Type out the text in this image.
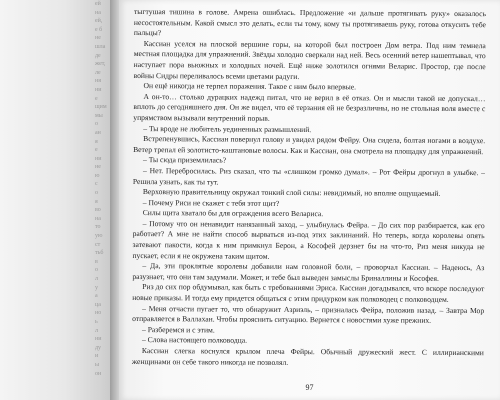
ей
на
ей,
е б
не
шла
де
жет,
ле
ня
ни
е
щим
мы
о
ан
я
е
ни
не
ю
с
о
я
во
на
то
ую
ст
тьб
в
о
л
у
а
ца
но
ь
л
ни
ду
и
ы
он

тыгтушая тишина в голове. Амрена ошиблась. Предложение «и дальше протягивать руку» оказалось несостоятельным. Какой смысл это делать, если ты тому, кому ты протягиваешь руку, готова откусить тебе пальцы?

Кассиан уселся на плоской вершине горы, на которой был построен Дом ветра. Под ним темнела местная площадка для упражнений. Звёзды холодно сверкали над ней. Весь осенний ветер нашептывал, что наступает пора вьюжных и холодных ночей. Ещё ниже золотился огнями Веларис. Простор, где после войны Сидры переливалось всеми цветами радуги.

Он ещё никогда не терпел поражения. Такое с ним было впервые.

А он-то… столько дурацких надежд питал, что не верил в её отказ. Он и мысли такой не допускал… вплоть до сегодняшнего дня. Он же видел, что её терзания ей не безразличны, но не стольная воля вместе с упрямством вызывали внутренний порыв.

– Ты вроде не любитель уединенных размышлений.

Встрепенувшись, Кассиан повернул голову и увидел рядом Фейру. Она сидела, болтая ногами в воздухе. Ветер трепал ей золотисто-каштановые волосы. Как и Кассиан, она смотрела на площадку для упражнений.

– Ты сюда приземлилась?

– Нет. Переброcилась. Риз сказал, что ты «слишком громко думал». – Рот Фейры дрогнул в улыбке. – Решила узнать, как ты тут.

Верховную правительницу окружал тонкий слой силы: невидимый, но вполне ощущаемый.

– Почему Риси не скажет с тебя этот щит?

Силы щита хватало бы для ограждения всего Велариса.

– Потому что он ненавидит нанязанный заход, – улыбнулась Фейра. – До сих пор разбирается, как его работает? А мне не найти способ вырваться из-под этих заклинаний. Но теперь, когда королевы опять затевают пакости, когда к ним примкнул Берон, а Кософей дерзнет бы на что-то, Риз меня никуда не пускает, если я не окружена таким щитом.

– Да, эти проклятые королевы добавили нам головной боли, – проворчал Кассиан. – Надеюсь, Аз разузнает, что они там задумали. Может, и тебе был выведен замыслы Бриналлины и Кософея.

Риз до сих пор обдумывал, как быть с требованиями Эриса. Кассиан догадывался, что вскоре последуют новые приказы. И тогда ему придется общаться с этим придурком как полководец с полководцем.

– Меня отчасти пугает то, что обнаружит Азриэль, – призналась Фейра, положив назад. – Завтра Мор отправляется в Валлахан. Чтобы прояснить ситуацию. Вернется с новостями хуже прежних.

– Разберемся и с этим.

– Слова настоящего полководца.

Кассиан слегка коснулся крылом плеча Фейры. Обычный дружеский жест. С иллирианскими женщинами он себе такого никогда не позволял.

97
